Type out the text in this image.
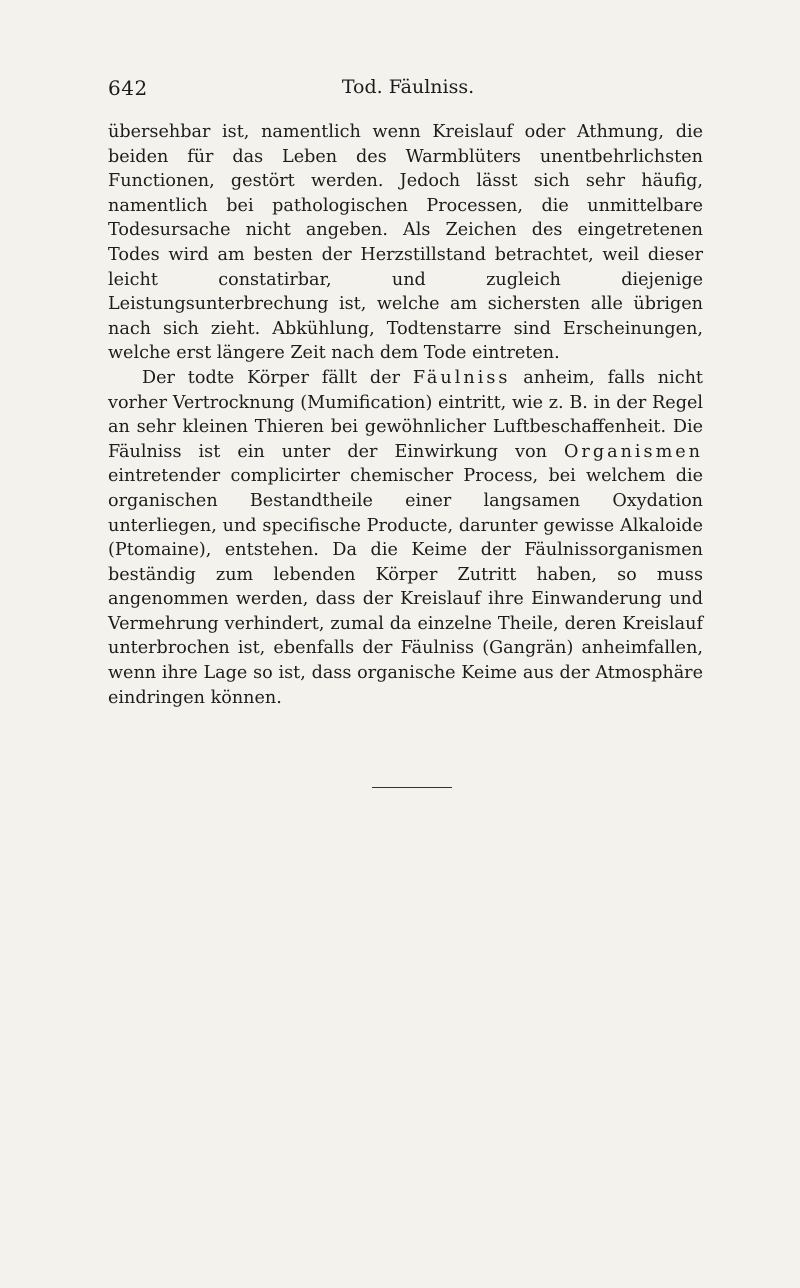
642	Tod. Fäulniss.

übersehbar ist, namentlich wenn Kreislauf oder Athmung, die beiden für das Leben des Warmblüters unentbehrlichsten Functionen, gestört werden. Jedoch lässt sich sehr häufig, namentlich bei pathologischen Processen, die unmittelbare Todesursache nicht angeben. Als Zeichen des eingetretenen Todes wird am besten der Herzstillstand betrachtet, weil dieser leicht constatirbar, und zugleich diejenige Leistungsunterbrechung ist, welche am sichersten alle übrigen nach sich zieht. Abkühlung, Todtenstarre sind Erscheinungen, welche erst längere Zeit nach dem Tode eintreten.

Der todte Körper fällt der Fäulniss anheim, falls nicht vorher Vertrocknung (Mumification) eintritt, wie z. B. in der Regel an sehr kleinen Thieren bei gewöhnlicher Luftbeschaffenheit. Die Fäulniss ist ein unter der Einwirkung von Organismen eintretender complicirter chemischer Process, bei welchem die organischen Bestandtheile einer langsamen Oxydation unterliegen, und specifische Producte, darunter gewisse Alkaloide (Ptomaine), entstehen. Da die Keime der Fäulnissorganismen beständig zum lebenden Körper Zutritt haben, so muss angenommen werden, dass der Kreislauf ihre Einwanderung und Vermehrung verhindert, zumal da einzelne Theile, deren Kreislauf unterbrochen ist, ebenfalls der Fäulniss (Gangrän) anheimfallen, wenn ihre Lage so ist, dass organische Keime aus der Atmosphäre eindringen können.
